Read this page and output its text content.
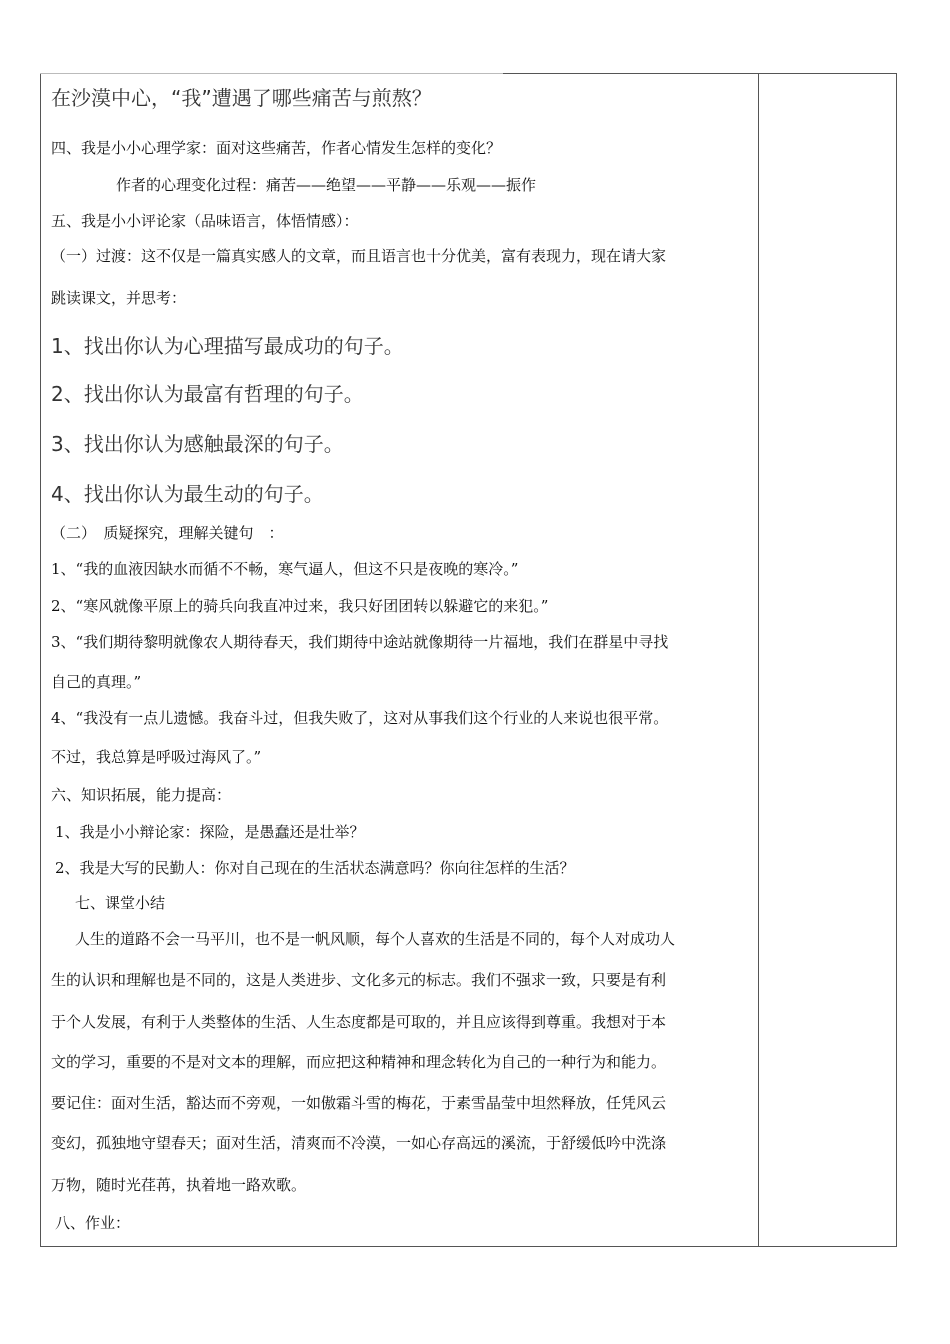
在沙漠中心，“我”遭遇了哪些痛苦与煎熬？
四、我是小小心理学家：面对这些痛苦，作者心情发生怎样的变化？
作者的心理变化过程：痛苦——绝望——平静——乐观——振作
五、我是小小评论家（品味语言，体悟情感）：
（一）过渡：这不仅是一篇真实感人的文章，而且语言也十分优美，富有表现力，现在请大家
跳读课文，并思考：
1、找出你认为心理描写最成功的句子。
2、找出你认为最富有哲理的句子。
3、找出你认为感触最深的句子。
4、找出你认为最生动的句子。
（二）　质疑探究，理解关键句　：
1、“我的血液因缺水而循不不畅，寒气逼人，但这不只是夜晚的寒冷。”
2、“寒风就像平原上的骑兵向我直冲过来，我只好团团转以躲避它的来犯。”
3、“我们期待黎明就像农人期待春天，我们期待中途站就像期待一片福地，我们在群星中寻找
自己的真理。”
4、“我没有一点儿遗憾。我奋斗过，但我失败了，这对从事我们这个行业的人来说也很平常。
不过，我总算是呼吸过海风了。”
六、知识拓展，能力提高：
1、我是小小辩论家：探险，是愚蠢还是壮举？
2、我是大写的民勤人：你对自己现在的生活状态满意吗？你向往怎样的生活？
七、课堂小结
人生的道路不会一马平川，也不是一帆风顺，每个人喜欢的生活是不同的，每个人对成功人
生的认识和理解也是不同的，这是人类进步、文化多元的标志。我们不强求一致，只要是有利
于个人发展，有利于人类整体的生活、人生态度都是可取的，并且应该得到尊重。我想对于本
文的学习，重要的不是对文本的理解，而应把这种精神和理念转化为自己的一种行为和能力。
要记住：面对生活，豁达而不旁观，一如傲霜斗雪的梅花，于素雪晶莹中坦然释放，任凭风云
变幻，孤独地守望春天；面对生活，清爽而不冷漠，一如心存高远的溪流，于舒缓低吟中洗涤
万物，随时光荏苒，执着地一路欢歌。
八、作业：
